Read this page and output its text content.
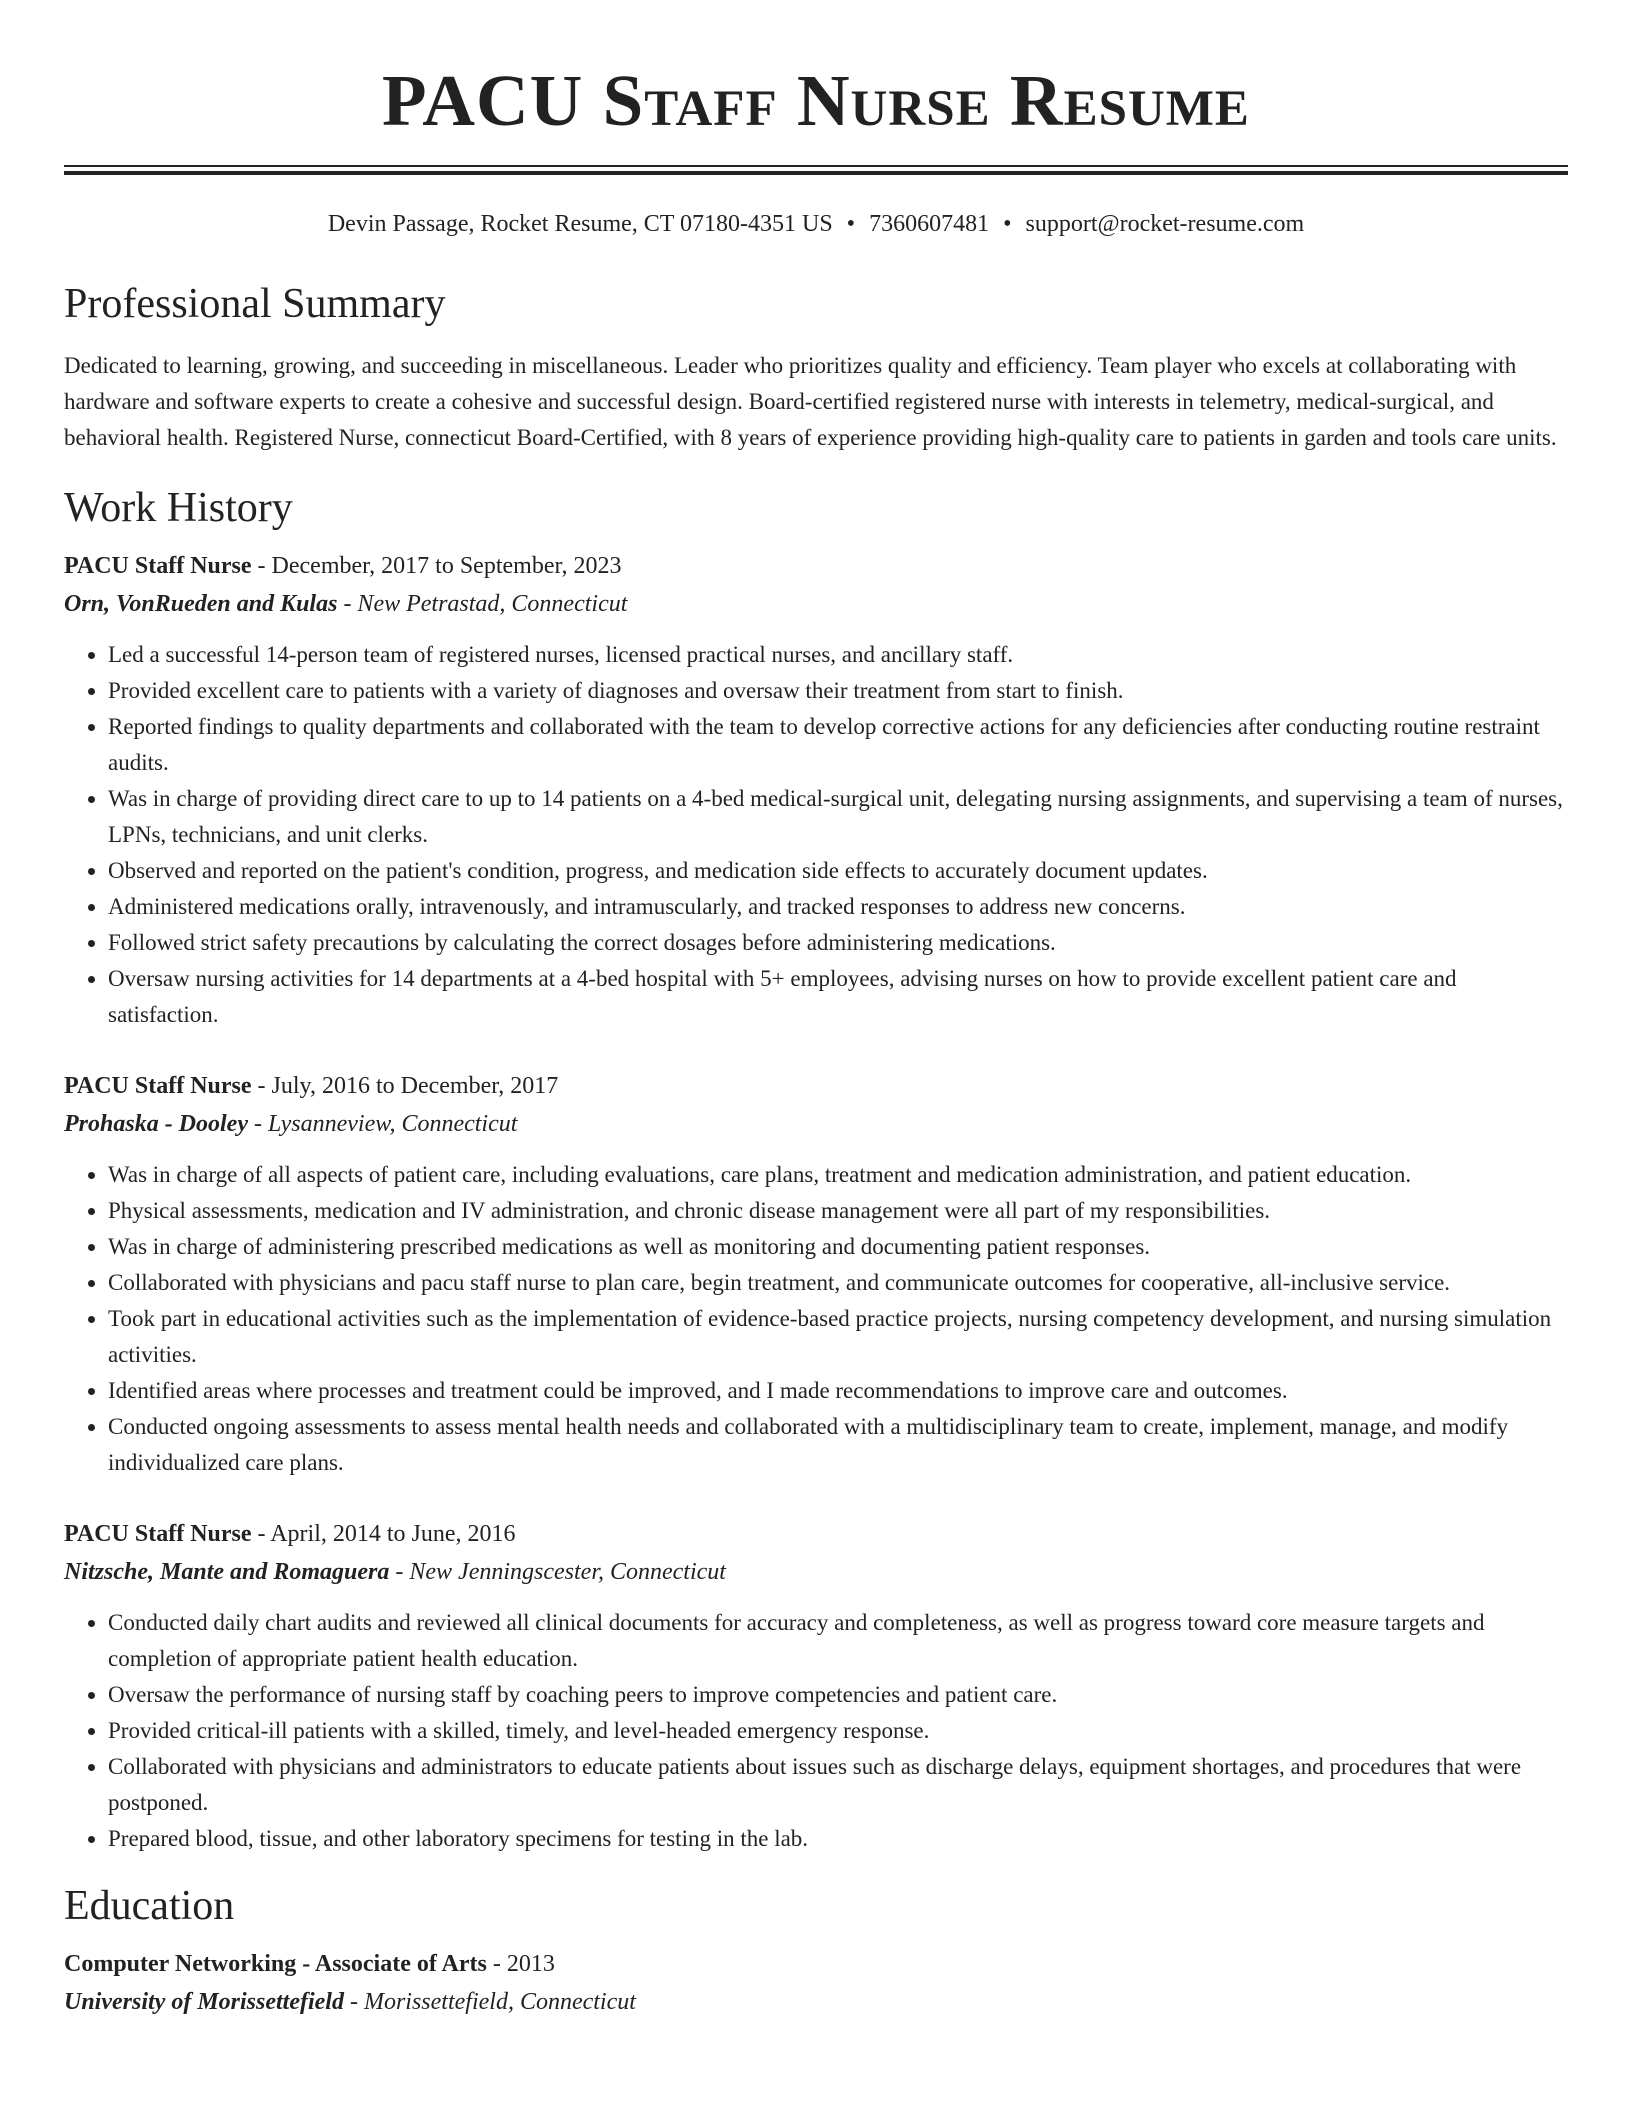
PACU Staff Nurse Resume
Devin Passage, Rocket Resume, CT 07180-4351 US • 7360607481 • support@rocket-resume.com
Professional Summary

Dedicated to learning, growing, and succeeding in miscellaneous. Leader who prioritizes quality and efficiency. Team player who excels at collaborating with hardware and software experts to create a cohesive and successful design. Board-certified registered nurse with interests in telemetry, medical-surgical, and behavioral health. Registered Nurse, connecticut Board-Certified, with 8 years of experience providing high-quality care to patients in garden and tools care units.

Work History
PACU Staff Nurse - December, 2017 to September, 2023
Orn, VonRueden and Kulas - New Petrastad, Connecticut
• Led a successful 14-person team of registered nurses, licensed practical nurses, and ancillary staff.
• Provided excellent care to patients with a variety of diagnoses and oversaw their treatment from start to finish.
• Reported findings to quality departments and collaborated with the team to develop corrective actions for any deficiencies after conducting routine restraint audits.
• Was in charge of providing direct care to up to 14 patients on a 4-bed medical-surgical unit, delegating nursing assignments, and supervising a team of nurses, LPNs, technicians, and unit clerks.
• Observed and reported on the patient's condition, progress, and medication side effects to accurately document updates.
• Administered medications orally, intravenously, and intramuscularly, and tracked responses to address new concerns.
• Followed strict safety precautions by calculating the correct dosages before administering medications.
• Oversaw nursing activities for 14 departments at a 4-bed hospital with 5+ employees, advising nurses on how to provide excellent patient care and satisfaction.
PACU Staff Nurse - July, 2016 to December, 2017
Prohaska - Dooley - Lysanneview, Connecticut
• Was in charge of all aspects of patient care, including evaluations, care plans, treatment and medication administration, and patient education.
• Physical assessments, medication and IV administration, and chronic disease management were all part of my responsibilities.
• Was in charge of administering prescribed medications as well as monitoring and documenting patient responses.
• Collaborated with physicians and pacu staff nurse to plan care, begin treatment, and communicate outcomes for cooperative, all-inclusive service.
• Took part in educational activities such as the implementation of evidence-based practice projects, nursing competency development, and nursing simulation activities.
• Identified areas where processes and treatment could be improved, and I made recommendations to improve care and outcomes.
• Conducted ongoing assessments to assess mental health needs and collaborated with a multidisciplinary team to create, implement, manage, and modify individualized care plans.
PACU Staff Nurse - April, 2014 to June, 2016
Nitzsche, Mante and Romaguera - New Jenningscester, Connecticut
• Conducted daily chart audits and reviewed all clinical documents for accuracy and completeness, as well as progress toward core measure targets and completion of appropriate patient health education.
• Oversaw the performance of nursing staff by coaching peers to improve competencies and patient care.
• Provided critical-ill patients with a skilled, timely, and level-headed emergency response.
• Collaborated with physicians and administrators to educate patients about issues such as discharge delays, equipment shortages, and procedures that were postponed.
• Prepared blood, tissue, and other laboratory specimens for testing in the lab.
Education
Computer Networking - Associate of Arts - 2013
University of Morissettefield - Morissettefield, Connecticut
